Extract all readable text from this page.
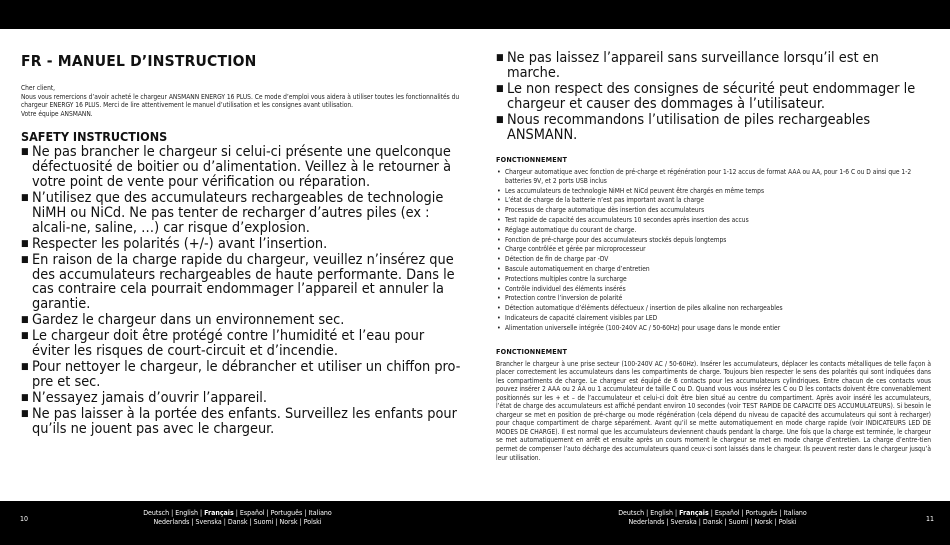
FR - MANUEL D’INSTRUCTION

Cher client,

Nous vous remercions d’avoir acheté le chargeur ANSMANN ENERGY 16 PLUS. Ce mode d’emploi vous aidera à utiliser toutes les fonctionnalités du chargeur ENERGY 16 PLUS. Merci de lire attentivement le manuel d’utilisation et les consignes avant utilisation.

Votre équipe ANSMANN.

SAFETY INSTRUCTIONS
■ Ne pas brancher le chargeur si celui-ci présente une quelconque défectuosité de boitier ou d’alimentation. Veillez à le retourner à votre point de vente pour vérification ou réparation.
■ N’utilisez que des accumulateurs rechargeables de technologie NiMH ou NiCd. Ne pas tenter de recharger d’autres piles (ex : alcali-ne, saline, …) car risque d’explosion.
■ Respecter les polarités (+/-) avant l’insertion.
■ En raison de la charge rapide du chargeur, veuillez n’insérez que des accumulateurs rechargeables de haute performante. Dans le cas contraire cela pourrait endommager l’appareil et annuler la garantie.
■ Gardez le chargeur dans un environnement sec.
■ Le chargeur doit être protégé contre l’humidité et l’eau pour éviter les risques de court-circuit et d’incendie.
■ Pour nettoyer le chargeur, le débrancher et utiliser un chiffon pro-pre et sec.
■ N’essayez jamais d’ouvrir l’appareil.
■ Ne pas laisser à la portée des enfants. Surveillez les enfants pour qu’ils ne jouent pas avec le chargeur.
■ Ne pas laissez l’appareil sans surveillance lorsqu’il est en marche.
■ Le non respect des consignes de sécurité peut endommager le chargeur et causer des dommages à l’utilisateur.
■ Nous recommandons l’utilisation de piles rechargeables ANSMANN.
FONCTIONNEMENT
• Chargeur automatique avec fonction de pré-charge et régénération pour 1-12 accus de format AAA ou AA, pour 1-6 C ou D ainsi que 1-2 batteries 9V, et 2 ports USB inclus
• Les accumulateurs de technologie NiMH et NiCd peuvent être chargés en même temps
• L’état de charge de la batterie n’est pas important avant la charge
• Processus de charge automatique dès insertion des accumulateurs
• Test rapide de capacité des accumulateurs 10 secondes après insertion des accus
• Réglage automatique du courant de charge.
• Fonction de pré-charge pour des accumulateurs stockés depuis longtemps
• Charge contrôlée et gérée par microprocesseur
• Détection de fin de charge par -DV
• Bascule automatiquement en charge d’entretien
• Protections multiples contre la surcharge
• Contrôle individuel des éléments insérés
• Protection contre l’inversion de polarité
• Détection automatique d’éléments défectueux / insertion de piles alkaline non rechargeables
• Indicateurs de capacité clairement visibles par LED
• Alimentation universelle intégrée (100-240V AC / 50-60Hz) pour usage dans le monde entier
FONCTIONNEMENT
Brancher le chargeur à une prise secteur (100-240V AC / 50-60Hz). Insérer les accumulateurs, déplacer les contacts métalliques de telle façon à placer correctement les accumulateurs dans les compartiments de charge. Toujours bien respecter le sens des polarités qui sont indiquées dans les compartiments de charge. Le chargeur est équipé de 6 contacts pour les accumulateurs cylindriques. Entre chacun de ces contacts vous pouvez insérer 2 AAA ou 2 AA ou 1 accumulateur de taille C ou D. Quand vous vous insérez les C ou D les contacts doivent être convenablement positionnés sur les + et – de l’accumulateur et celui-ci doit être bien situé au centre du compartiment. Après avoir inséré les accumulateurs, l’état de charge des accumulateurs est affiché pendant environ 10 secondes (voir TEST RAPIDE DE CAPACITE DES ACCUMULATEURS). Si besoin le chargeur se met en position de pré-charge ou mode régénération (cela dépend du niveau de capacité des accumulateurs qui sont à recharger) pour chaque compartiment de charge séparément. Avant qu’il se mette automatiquement en mode charge rapide (voir INDICATEURS LED DE MODES DE CHARGE). Il est normal que les accumulateurs deviennent chauds pendant la charge. Une fois que la charge est terminée, le chargeur se met automatiquement en arrêt et ensuite après un cours moment le chargeur se met en mode charge d’entretien. La charge d’entre-tien permet de compenser l’auto décharge des accumulateurs quand ceux-ci sont laissés dans le chargeur. Ils peuvent rester dans le chargeur jusqu’à leur utilisation.
10
Deutsch | English | Français | Español | Português | Italiano
Nederlands | Svenska | Dansk | Suomi | Norsk | Polski
Deutsch | English | Français | Español | Português | Italiano
Nederlands | Svenska | Dansk | Suomi | Norsk | Polski	11
